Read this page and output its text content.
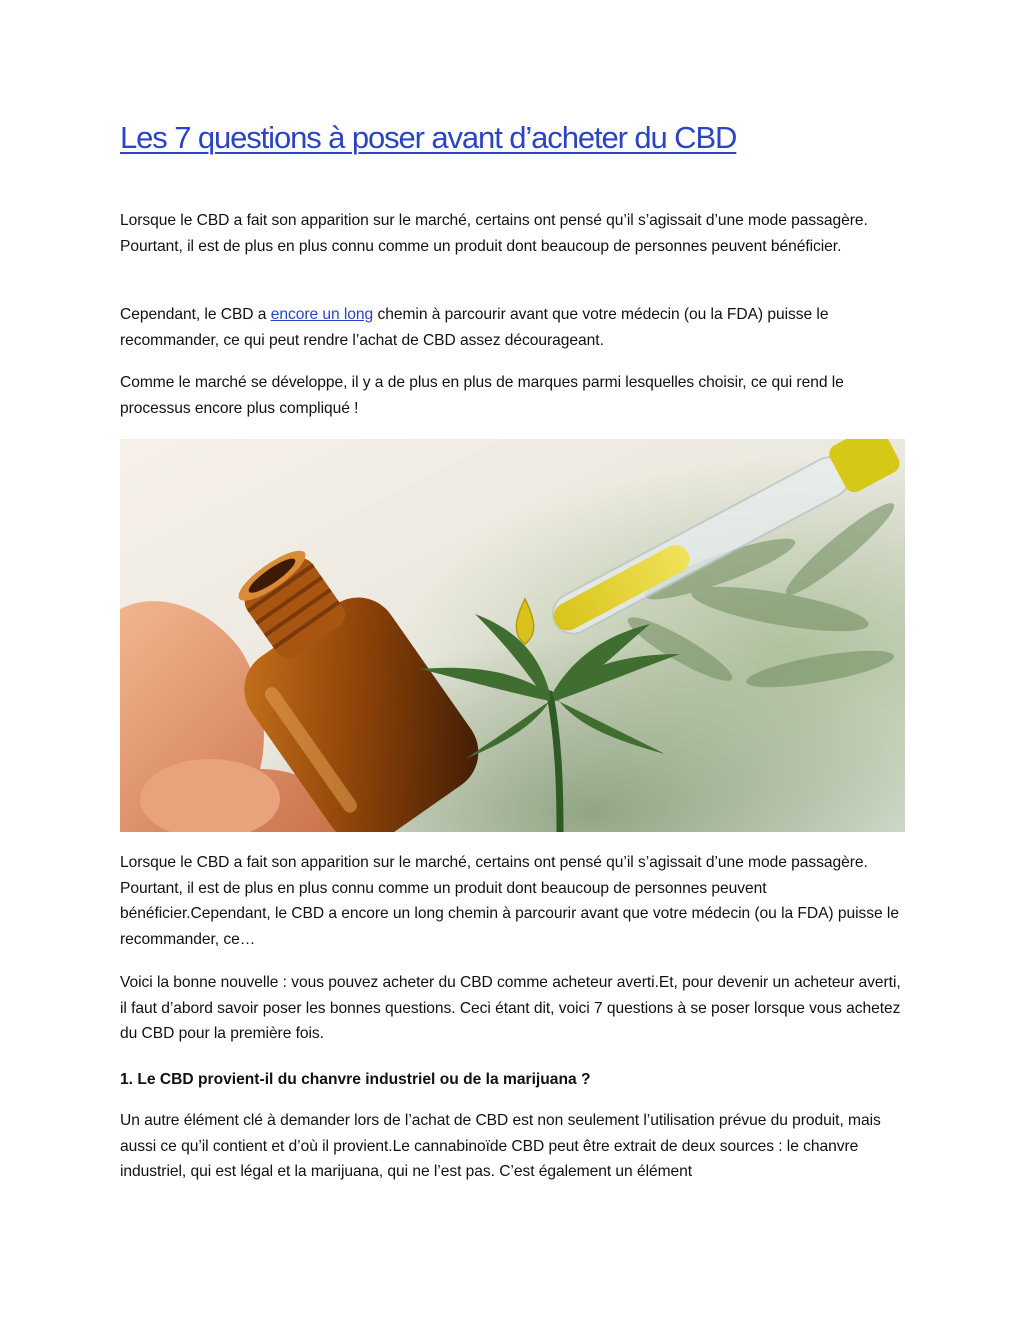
Les 7 questions à poser avant d’acheter du CBD

Lorsque le CBD a fait son apparition sur le marché, certains ont pensé qu’il s’agissait d’une mode passagère. Pourtant, il est de plus en plus connu comme un produit dont beaucoup de personnes peuvent bénéficier.

Cependant, le CBD a encore un long chemin à parcourir avant que votre médecin (ou la FDA) puisse le recommander, ce qui peut rendre l’achat de CBD assez décourageant.

Comme le marché se développe, il y a de plus en plus de marques parmi lesquelles choisir, ce qui rend le processus encore plus compliqué !

Lorsque le CBD a fait son apparition sur le marché, certains ont pensé qu’il s’agissait d’une mode passagère. Pourtant, il est de plus en plus connu comme un produit dont beaucoup de personnes peuvent bénéficier.Cependant, le CBD a encore un long chemin à parcourir avant que votre médecin (ou la FDA) puisse le recommander, ce…

Voici la bonne nouvelle : vous pouvez acheter du CBD comme acheteur averti.Et, pour devenir un acheteur averti, il faut d’abord savoir poser les bonnes questions. Ceci étant dit, voici 7 questions à se poser lorsque vous achetez du CBD pour la première fois.

1. Le CBD provient-il du chanvre industriel ou de la marijuana ?

Un autre élément clé à demander lors de l’achat de CBD est non seulement l’utilisation prévue du produit, mais aussi ce qu’il contient et d’où il provient.Le cannabinoïde CBD peut être extrait de deux sources : le chanvre industriel, qui est légal et la marijuana, qui ne l’est pas. C’est également un élément
